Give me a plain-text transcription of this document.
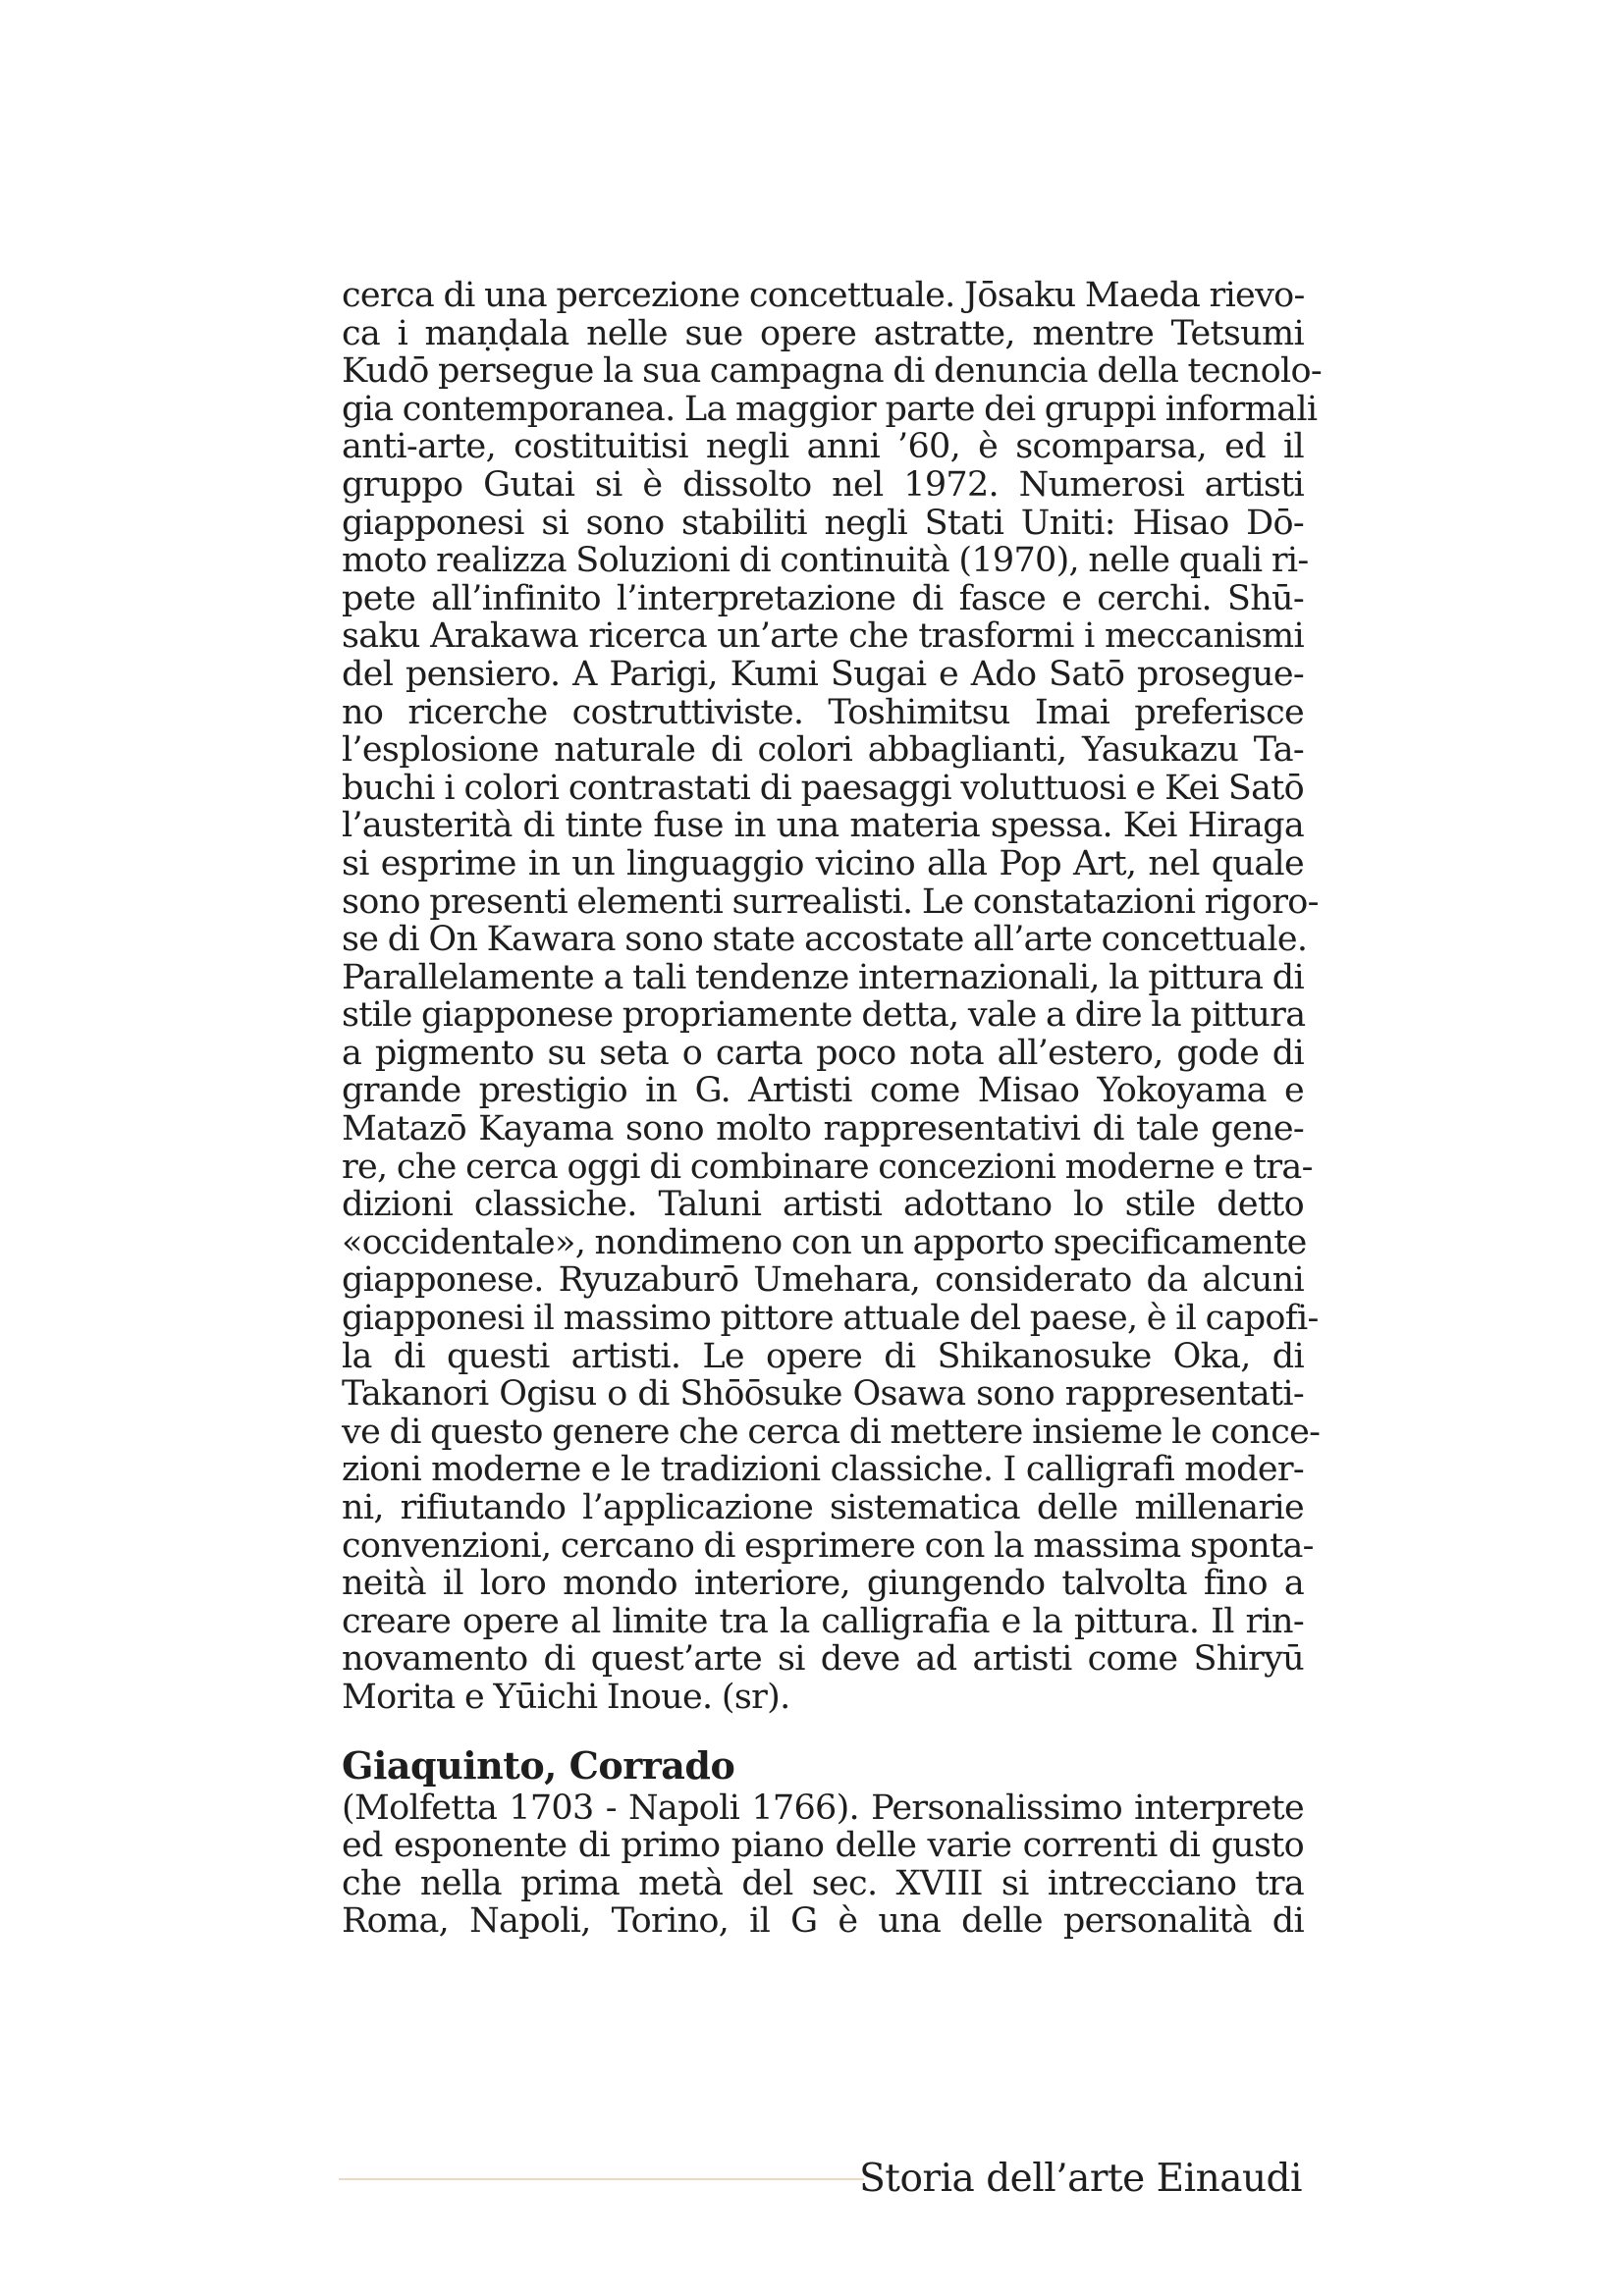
cerca di una percezione concettuale. Jōsaku Maeda rievo-
ca i maṇḍala nelle sue opere astratte, mentre Tetsumi
Kudō persegue la sua campagna di denuncia della tecnolo-
gia contemporanea. La maggior parte dei gruppi informali
anti-arte, costituitisi negli anni ’60, è scomparsa, ed il
gruppo Gutai si è dissolto nel 1972. Numerosi artisti
giapponesi si sono stabiliti negli Stati Uniti: Hisao Dō-
moto realizza Soluzioni di continuità (1970), nelle quali ri-
pete all’infinito l’interpretazione di fasce e cerchi. Shū-
saku Arakawa ricerca un’arte che trasformi i meccanismi
del pensiero. A Parigi, Kumi Sugai e Ado Satō prosegue-
no ricerche costruttiviste. Toshimitsu Imai preferisce
l’esplosione naturale di colori abbaglianti, Yasukazu Ta-
buchi i colori contrastati di paesaggi voluttuosi e Kei Satō
l’austerità di tinte fuse in una materia spessa. Kei Hiraga
si esprime in un linguaggio vicino alla Pop Art, nel quale
sono presenti elementi surrealisti. Le constatazioni rigoro-
se di On Kawara sono state accostate all’arte concettuale.
Parallelamente a tali tendenze internazionali, la pittura di
stile giapponese propriamente detta, vale a dire la pittura
a pigmento su seta o carta poco nota all’estero, gode di
grande prestigio in G. Artisti come Misao Yokoyama e
Matazō Kayama sono molto rappresentativi di tale gene-
re, che cerca oggi di combinare concezioni moderne e tra-
dizioni classiche. Taluni artisti adottano lo stile detto
«occidentale», nondimeno con un apporto specificamente
giapponese. Ryuzaburō Umehara, considerato da alcuni
giapponesi il massimo pittore attuale del paese, è il capofi-
la di questi artisti. Le opere di Shikanosuke Oka, di
Takanori Ogisu o di Shōōsuke Osawa sono rappresentati-
ve di questo genere che cerca di mettere insieme le conce-
zioni moderne e le tradizioni classiche. I calligrafi moder-
ni, rifiutando l’applicazione sistematica delle millenarie
convenzioni, cercano di esprimere con la massima sponta-
neità il loro mondo interiore, giungendo talvolta fino a
creare opere al limite tra la calligrafia e la pittura. Il rin-
novamento di quest’arte si deve ad artisti come Shiryū
Morita e Yūichi Inoue. (sr).
Giaquinto, Corrado
(Molfetta 1703 - Napoli 1766). Personalissimo interprete
ed esponente di primo piano delle varie correnti di gusto
che nella prima metà del sec. XVIII si intrecciano tra
Roma, Napoli, Torino, il G è una delle personalità di
Storia dell’arte Einaudi
